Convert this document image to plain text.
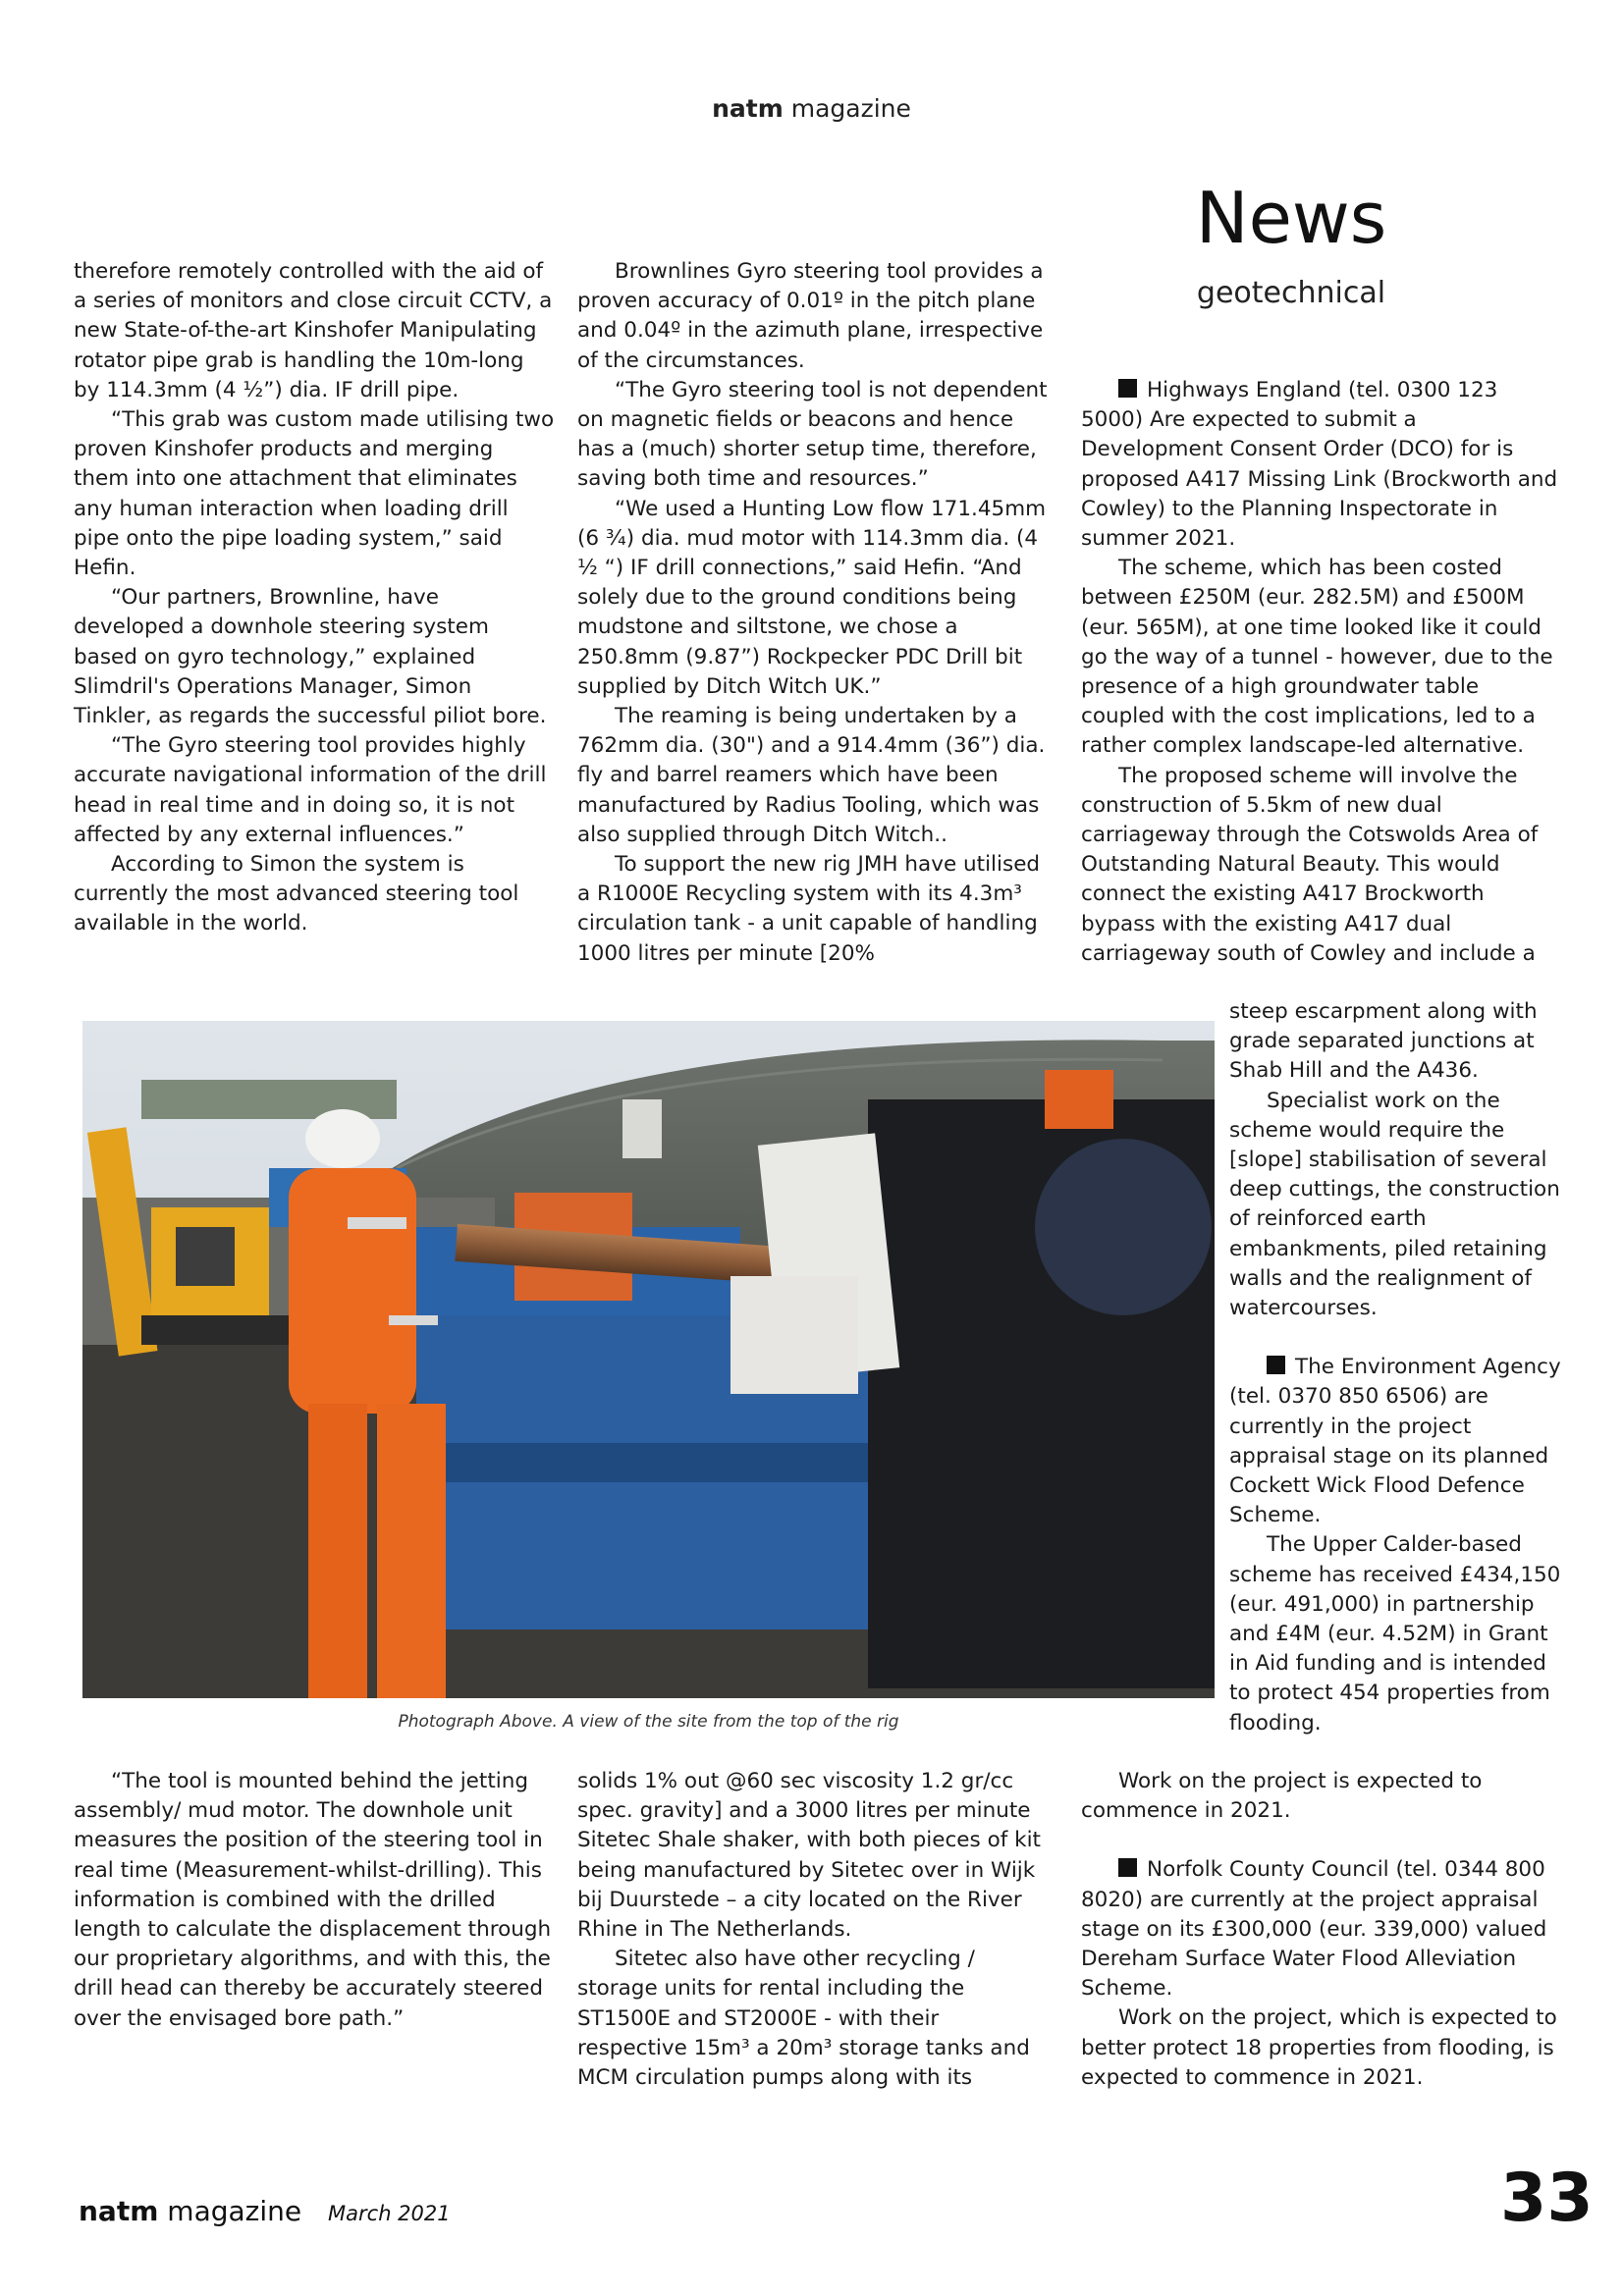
natm magazine
News
geotechnical

therefore remotely controlled with the aid of a series of monitors and close circuit CCTV, a new State-of-the-art Kinshofer Manipulating rotator pipe grab is handling the 10m-long by 114.3mm (4 ½”) dia. IF drill pipe.

“This grab was custom made utilising two proven Kinshofer products and merging them into one attachment that eliminates any human interaction when loading drill pipe onto the pipe loading system,” said Hefin.

“Our partners, Brownline, have developed a downhole steering system based on gyro technology,” explained Slimdril's Operations Manager, Simon Tinkler, as regards the successful piliot bore.

“The Gyro steering tool provides highly accurate navigational information of the drill head in real time and in doing so, it is not affected by any external influences.”

According to Simon the system is currently the most advanced steering tool available in the world.

Brownlines Gyro steering tool provides a proven accuracy of 0.01º in the pitch plane and 0.04º in the azimuth plane, irrespective of the circumstances.

“The Gyro steering tool is not dependent on magnetic fields or beacons and hence has a (much) shorter setup time, therefore, saving both time and resources.”

“We used a Hunting Low flow 171.45mm (6 ¾) dia. mud motor with 114.3mm dia. (4 ½ “) IF drill connections,” said Hefin. “And solely due to the ground conditions being mudstone and siltstone, we chose a 250.8mm (9.87”) Rockpecker PDC Drill bit supplied by Ditch Witch UK.”

The reaming is being undertaken by a 762mm dia. (30") and a 914.4mm (36”) dia. fly and barrel reamers which have been manufactured by Radius Tooling, which was also supplied through Ditch Witch..

To support the new rig JMH have utilised a R1000E Recycling system with its 4.3m³ circulation tank - a unit capable of handling 1000 litres per minute [20%

Highways England (tel. 0300 123 5000) Are expected to submit a Development Consent Order (DCO) for is proposed A417 Missing Link (Brockworth and Cowley) to the Planning Inspectorate in summer 2021.

The scheme, which has been costed between £250M (eur. 282.5M) and £500M (eur. 565M), at one time looked like it could go the way of a tunnel - however, due to the presence of a high groundwater table coupled with the cost implications, led to a rather complex landscape-led alternative.

The proposed scheme will involve the construction of 5.5km of new dual carriageway through the Cotswolds Area of Outstanding Natural Beauty. This would connect the existing A417 Brockworth bypass with the existing A417 dual carriageway south of Cowley and include a

steep escarpment along with grade separated junctions at Shab Hill and the A436.

Specialist work on the scheme would require the [slope] stabilisation of several deep cuttings, the construction of reinforced earth embankments, piled retaining walls and the realignment of watercourses.

The Environment Agency (tel. 0370 850 6506) are currently in the project appraisal stage on its planned Cockett Wick Flood Defence Scheme.

The Upper Calder-based scheme has received £434,150 (eur. 491,000) in partnership and £4M (eur. 4.52M) in Grant in Aid funding and is intended to protect 454 properties from flooding.

Work on the project is expected to commence in 2021.

Norfolk County Council (tel. 0344 800 8020) are currently at the project appraisal stage on its £300,000 (eur. 339,000) valued Dereham Surface Water Flood Alleviation Scheme.

Work on the project, which is expected to better protect 18 properties from flooding, is expected to commence in 2021.

Photograph Above. A view of the site from the top of the rig

“The tool is mounted behind the jetting assembly/ mud motor. The downhole unit measures the position of the steering tool in real time (Measurement-whilst-drilling). This information is combined with the drilled length to calculate the displacement through our proprietary algorithms, and with this, the drill head can thereby be accurately steered over the envisaged bore path.”

solids 1% out @60 sec viscosity 1.2 gr/cc spec. gravity] and a 3000 litres per minute Sitetec Shale shaker, with both pieces of kit being manufactured by Sitetec over in Wijk bij Duurstede – a city located on the River Rhine in The Netherlands.

Sitetec also have other recycling / storage units for rental including the ST1500E and ST2000E - with their respective 15m³ a 20m³ storage tanks and MCM circulation pumps along with its

natm magazine March 2021	33
